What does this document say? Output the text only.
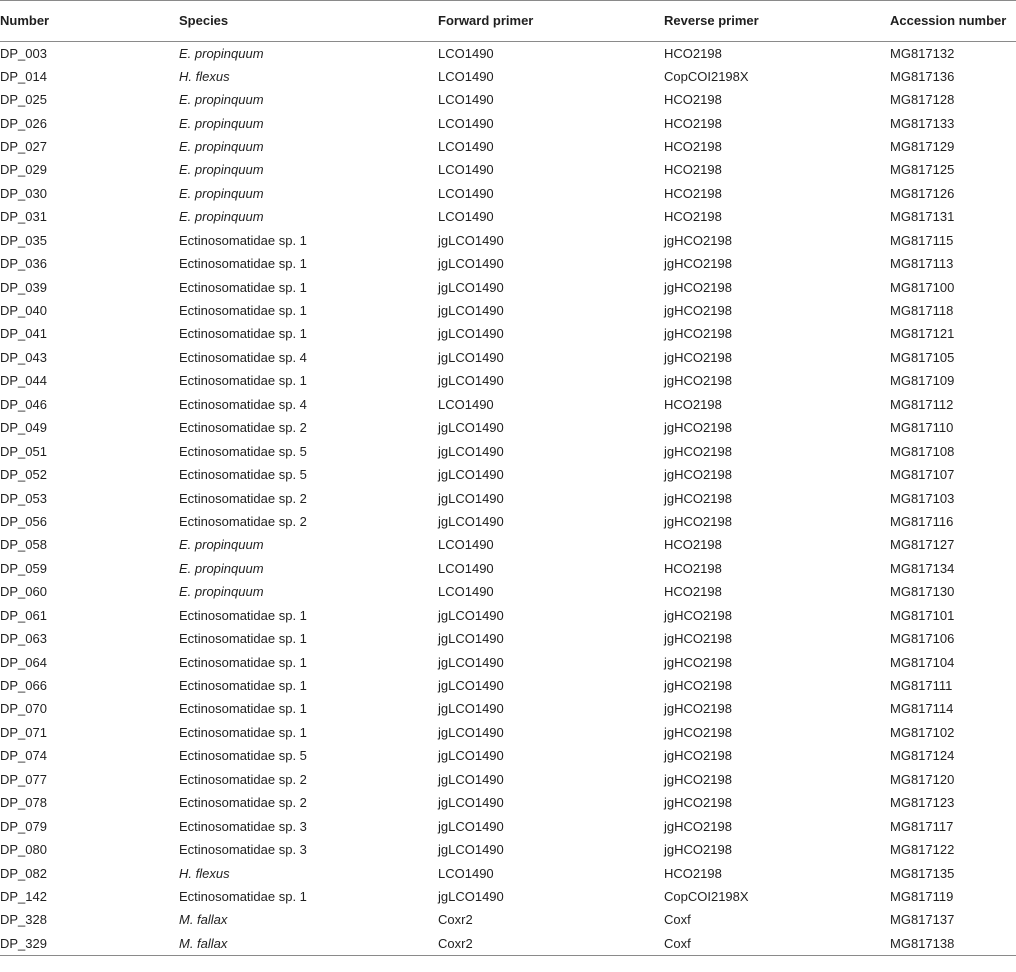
Number	Species	Forward primer	Reverse primer	Accession number
DP_003	E. propinquum	LCO1490	HCO2198	MG817132
DP_014	H. flexus	LCO1490	CopCOI2198X	MG817136
DP_025	E. propinquum	LCO1490	HCO2198	MG817128
DP_026	E. propinquum	LCO1490	HCO2198	MG817133
DP_027	E. propinquum	LCO1490	HCO2198	MG817129
DP_029	E. propinquum	LCO1490	HCO2198	MG817125
DP_030	E. propinquum	LCO1490	HCO2198	MG817126
DP_031	E. propinquum	LCO1490	HCO2198	MG817131
DP_035	Ectinosomatidae sp. 1	jgLCO1490	jgHCO2198	MG817115
DP_036	Ectinosomatidae sp. 1	jgLCO1490	jgHCO2198	MG817113
DP_039	Ectinosomatidae sp. 1	jgLCO1490	jgHCO2198	MG817100
DP_040	Ectinosomatidae sp. 1	jgLCO1490	jgHCO2198	MG817118
DP_041	Ectinosomatidae sp. 1	jgLCO1490	jgHCO2198	MG817121
DP_043	Ectinosomatidae sp. 4	jgLCO1490	jgHCO2198	MG817105
DP_044	Ectinosomatidae sp. 1	jgLCO1490	jgHCO2198	MG817109
DP_046	Ectinosomatidae sp. 4	LCO1490	HCO2198	MG817112
DP_049	Ectinosomatidae sp. 2	jgLCO1490	jgHCO2198	MG817110
DP_051	Ectinosomatidae sp. 5	jgLCO1490	jgHCO2198	MG817108
DP_052	Ectinosomatidae sp. 5	jgLCO1490	jgHCO2198	MG817107
DP_053	Ectinosomatidae sp. 2	jgLCO1490	jgHCO2198	MG817103
DP_056	Ectinosomatidae sp. 2	jgLCO1490	jgHCO2198	MG817116
DP_058	E. propinquum	LCO1490	HCO2198	MG817127
DP_059	E. propinquum	LCO1490	HCO2198	MG817134
DP_060	E. propinquum	LCO1490	HCO2198	MG817130
DP_061	Ectinosomatidae sp. 1	jgLCO1490	jgHCO2198	MG817101
DP_063	Ectinosomatidae sp. 1	jgLCO1490	jgHCO2198	MG817106
DP_064	Ectinosomatidae sp. 1	jgLCO1490	jgHCO2198	MG817104
DP_066	Ectinosomatidae sp. 1	jgLCO1490	jgHCO2198	MG817111
DP_070	Ectinosomatidae sp. 1	jgLCO1490	jgHCO2198	MG817114
DP_071	Ectinosomatidae sp. 1	jgLCO1490	jgHCO2198	MG817102
DP_074	Ectinosomatidae sp. 5	jgLCO1490	jgHCO2198	MG817124
DP_077	Ectinosomatidae sp. 2	jgLCO1490	jgHCO2198	MG817120
DP_078	Ectinosomatidae sp. 2	jgLCO1490	jgHCO2198	MG817123
DP_079	Ectinosomatidae sp. 3	jgLCO1490	jgHCO2198	MG817117
DP_080	Ectinosomatidae sp. 3	jgLCO1490	jgHCO2198	MG817122
DP_082	H. flexus	LCO1490	HCO2198	MG817135
DP_142	Ectinosomatidae sp. 1	jgLCO1490	CopCOI2198X	MG817119
DP_328	M. fallax	Coxr2	Coxf	MG817137
DP_329	M. fallax	Coxr2	Coxf	MG817138
